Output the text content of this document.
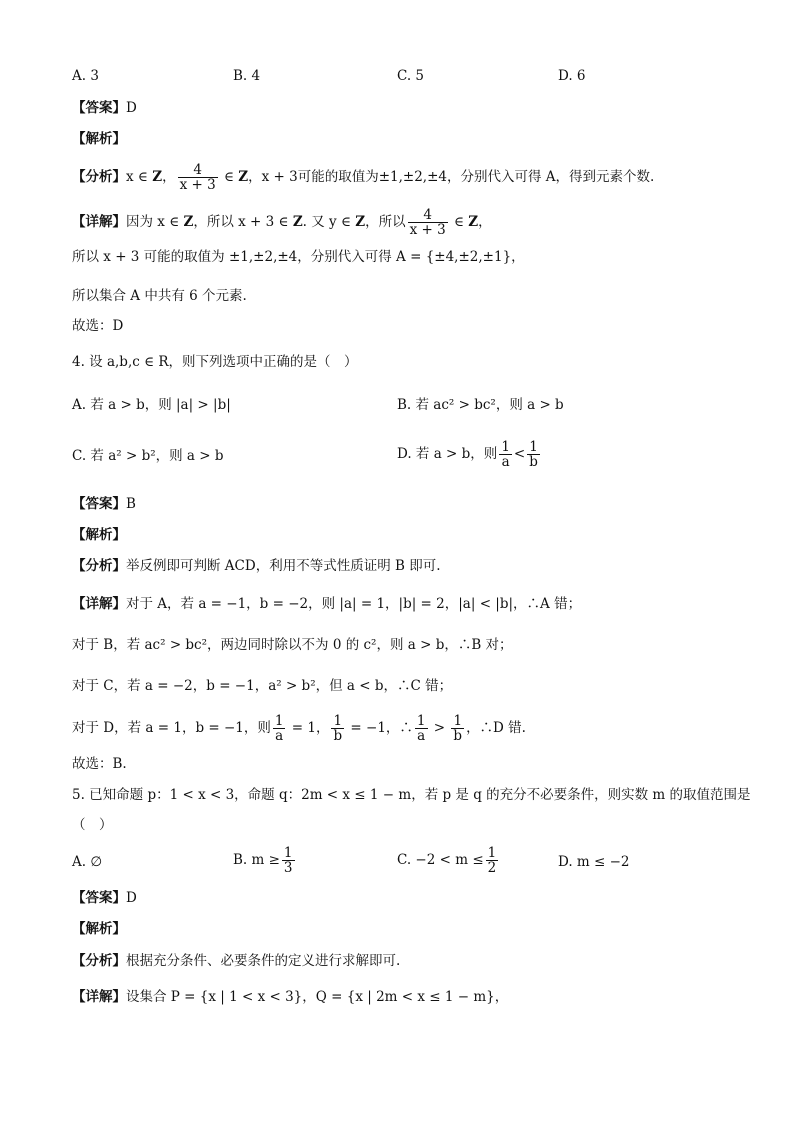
A. 3	B. 4	C. 5	D. 6
【答案】D
【解析】
【分析】x ∈ Z， $\frac{4}{x + 3}$ ∈ Z，x + 3可能的取值为±1,±2,±4，分别代入可得 A，得到元素个数.
【详解】因为 x ∈ Z，所以 x + 3 ∈ Z. 又 y ∈ Z，所以 $\frac{4}{x + 3}$ ∈ Z，
所以 x + 3 可能的取值为 ±1,±2,±4，分别代入可得 A = {±4,±2,±1}，
所以集合 A 中共有 6 个元素.
故选：D
4. 设 a,b,c ∈ R，则下列选项中正确的是（　）
A. 若 a > b，则 |a| > |b|	B. 若 ac² > bc²，则 a > b
C. 若 a² > b²，则 a > b	D. 若 a > b，则 $\frac{1}{a} < \frac{1}{b}$
【答案】B
【解析】
【分析】举反例即可判断 ACD，利用不等式性质证明 B 即可.
【详解】对于 A，若 a = −1，b = −2，则 |a| = 1，|b| = 2，|a| < |b|，∴A 错；
对于 B，若 ac² > bc²，两边同时除以不为 0 的 c²，则 a > b，∴B 对；
对于 C，若 a = −2，b = −1，a² > b²，但 a < b，∴C 错；
对于 D，若 a = 1，b = −1，则 $\frac{1}{a} = 1$， $\frac{1}{b} = -1$，∴ $\frac{1}{a} > \frac{1}{b}$ ，∴D 错.
故选：B.
5. 已知命题 p：1 < x < 3，命题 q：2m < x ≤ 1 − m，若 p 是 q 的充分不必要条件，则实数 m 的取值范围是
（　）
A. ∅	B. $m \ge \frac{1}{3}$	C. $-2 < m \le \frac{1}{2}$	D. m ≤ −2
【答案】D
【解析】
【分析】根据充分条件、必要条件的定义进行求解即可.
【详解】设集合 P = {x | 1 < x < 3}，Q = {x | 2m < x ≤ 1 − m}，
